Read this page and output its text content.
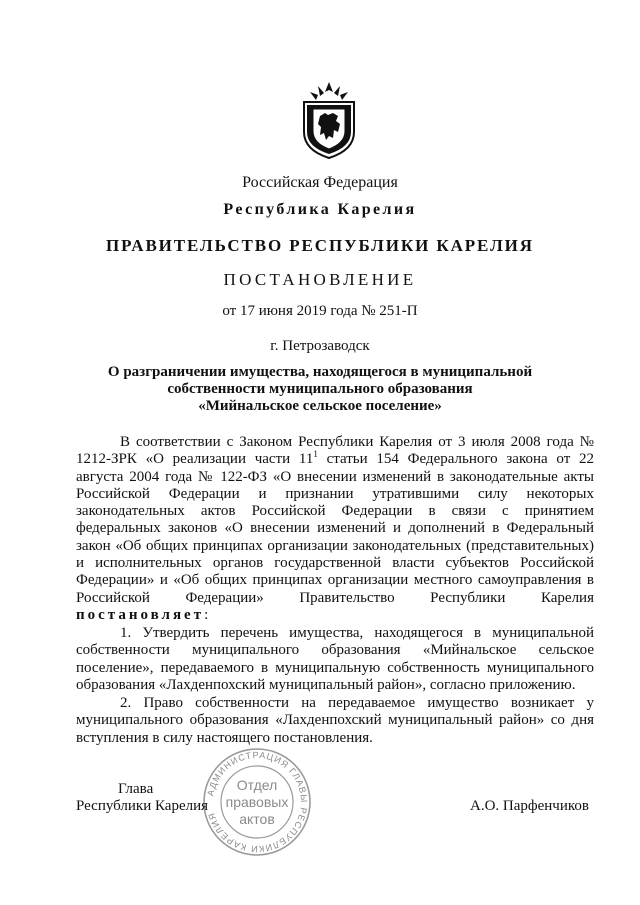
Российская Федерация
Республика Карелия
ПРАВИТЕЛЬСТВО РЕСПУБЛИКИ КАРЕЛИЯ
ПОСТАНОВЛЕНИЕ
от 17 июня 2019 года № 251-П
г. Петрозаводск
О разграничении имущества, находящегося в муниципальной
собственности муниципального образования
«Мийнальское сельское поселение»
В соответствии с Законом Республики Карелия от 3 июля 2008 года № 1212-ЗРК «О реализации части $11^1$ статьи 154 Федерального закона от 22 августа 2004 года № 122-ФЗ «О внесении изменений в законодательные акты Российской Федерации и признании утратившими силу некоторых законодательных актов Российской Федерации в связи с принятием федеральных законов «О внесении изменений и дополнений в Федеральный закон «Об общих принципах организации законодательных (представительных) и исполнительных органов государственной власти субъектов Российской Федерации» и «Об общих принципах организации местного самоуправления в Российской Федерации» Правительство Республики Карелия постановляет:
1. Утвердить перечень имущества, находящегося в муниципальной собственности муниципального образования «Мийнальское сельское поселение», передаваемого в муниципальную собственность муниципального образования «Лахденпохский муниципальный район», согласно приложению.
2. Право собственности на передаваемое имущество возникает у муниципального образования «Лахденпохский муниципальный район» со дня вступления в силу настоящего постановления.
АДМИНИСТРАЦИЯ ГЛАВЫ РЕСПУБЛИКИ КАРЕЛИЯ
Отдел
правовых
актов
Глава
Республики Карелия	А.О. Парфенчиков
